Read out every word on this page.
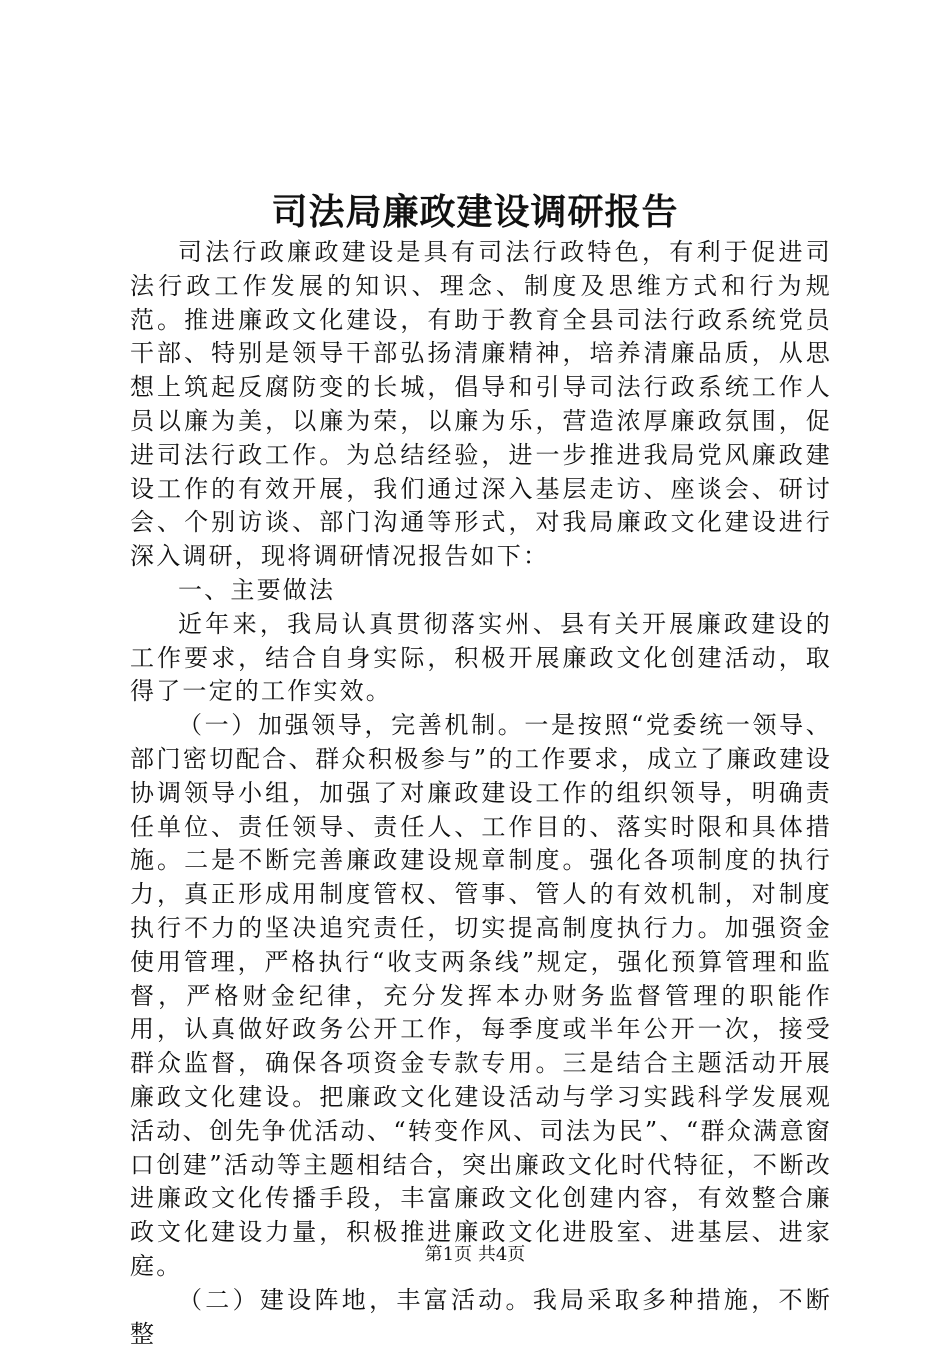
司法局廉政建设调研报告

司法行政廉政建设是具有司法行政特色，有利于促进司法行政工作发展的知识、理念、制度及思维方式和行为规范。推进廉政文化建设，有助于教育全县司法行政系统党员干部、特别是领导干部弘扬清廉精神，培养清廉品质，从思想上筑起反腐防变的长城，倡导和引导司法行政系统工作人员以廉为美，以廉为荣，以廉为乐，营造浓厚廉政氛围，促进司法行政工作。为总结经验，进一步推进我局党风廉政建设工作的有效开展，我们通过深入基层走访、座谈会、研讨会、个别访谈、部门沟通等形式，对我局廉政文化建设进行深入调研，现将调研情况报告如下：

一、主要做法

近年来，我局认真贯彻落实州、县有关开展廉政建设的工作要求，结合自身实际，积极开展廉政文化创建活动，取得了一定的工作实效。

（一）加强领导，完善机制。一是按照“党委统一领导、部门密切配合、群众积极参与”的工作要求，成立了廉政建设协调领导小组，加强了对廉政建设工作的组织领导，明确责任单位、责任领导、责任人、工作目的、落实时限和具体措施。二是不断完善廉政建设规章制度。强化各项制度的执行力，真正形成用制度管权、管事、管人的有效机制，对制度执行不力的坚决追究责任，切实提高制度执行力。加强资金使用管理，严格执行“收支两条线”规定，强化预算管理和监督，严格财金纪律，充分发挥本办财务监督管理的职能作用，认真做好政务公开工作，每季度或半年公开一次，接受群众监督，确保各项资金专款专用。三是结合主题活动开展廉政文化建设。把廉政文化建设活动与学习实践科学发展观活动、创先争优活动、“转变作风、司法为民”、“群众满意窗口创建”活动等主题相结合，突出廉政文化时代特征，不断改进廉政文化传播手段，丰富廉政文化创建内容，有效整合廉政文化建设力量，积极推进廉政文化进股室、进基层、进家庭。

（二）建设阵地，丰富活动。我局采取多种措施，不断整

第1页 共4页
